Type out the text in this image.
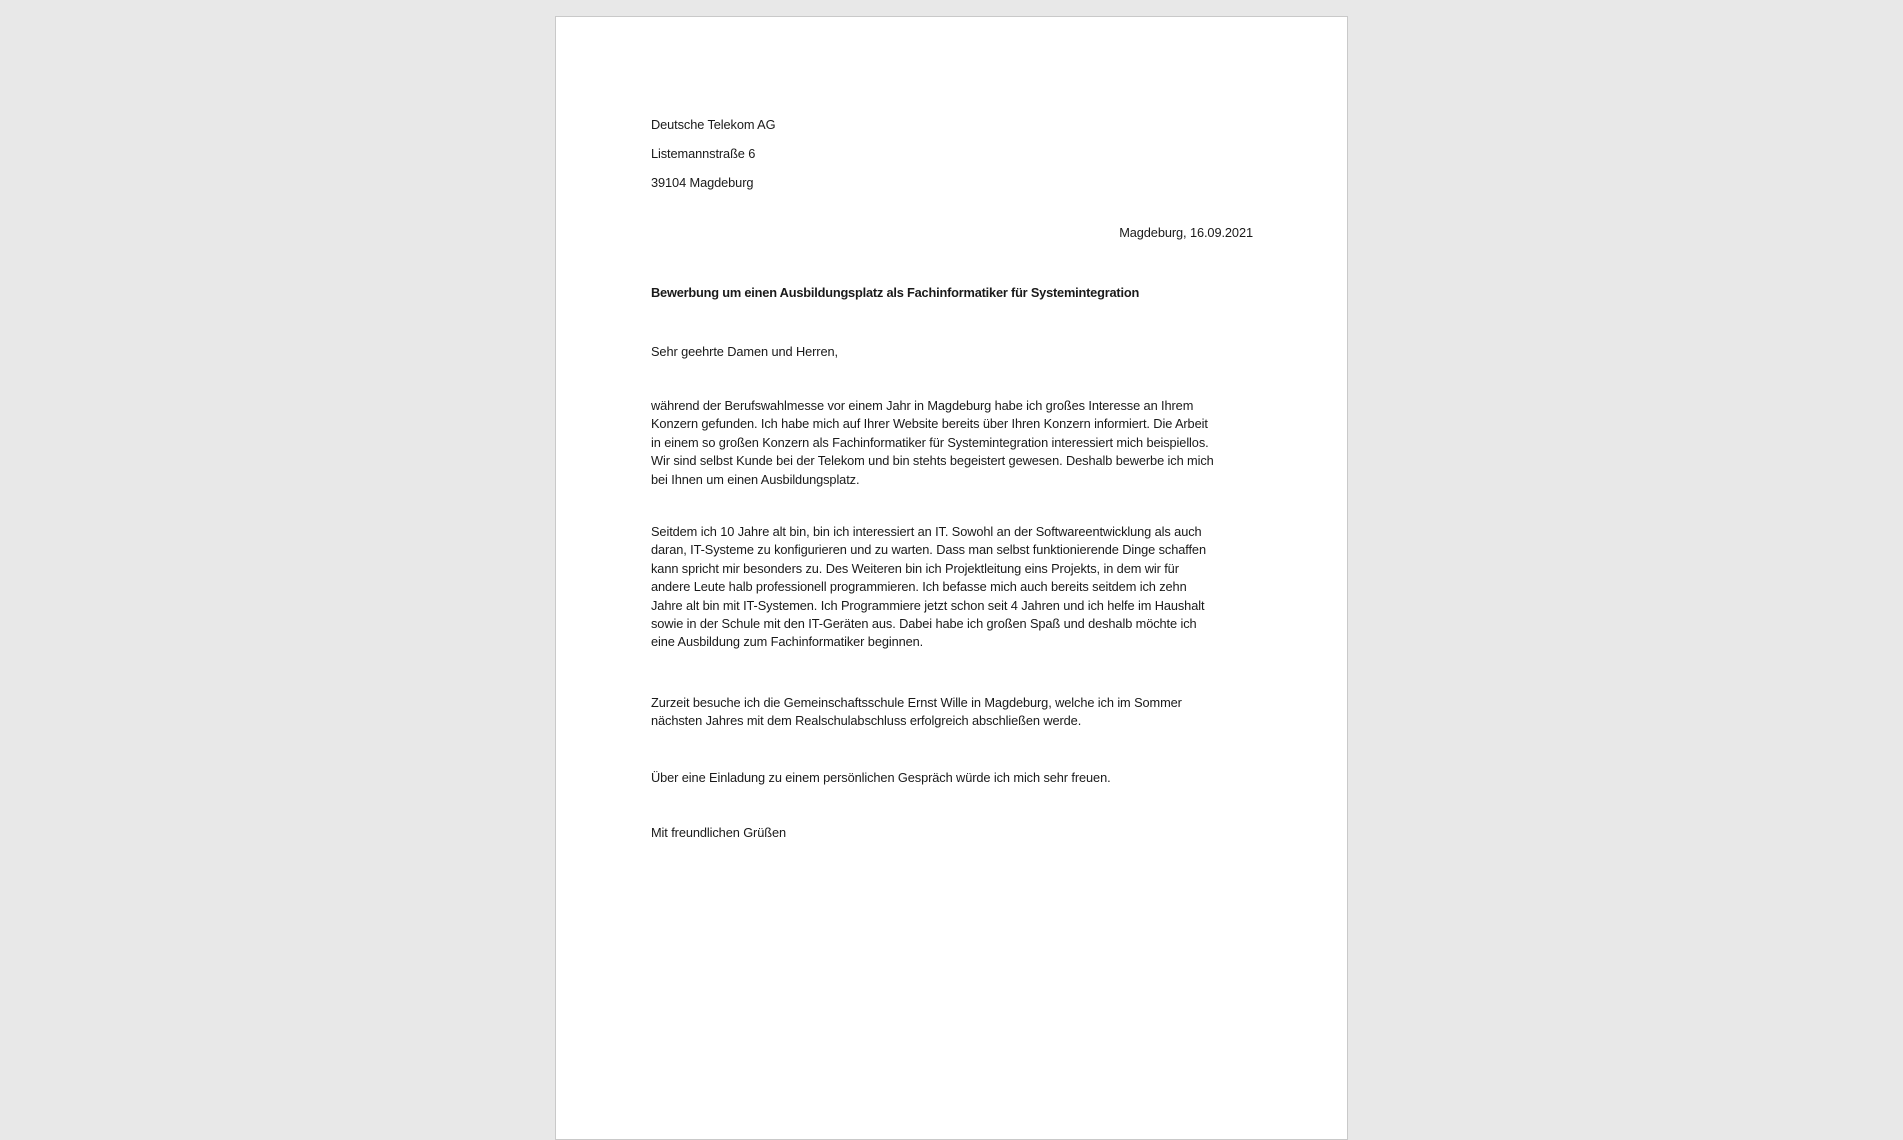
Deutsche Telekom AG
Listemannstraße 6
39104 Magdeburg
Magdeburg, 16.09.2021
Bewerbung um einen Ausbildungsplatz als Fachinformatiker für Systemintegration
Sehr geehrte Damen und Herren,
während der Berufswahlmesse vor einem Jahr in Magdeburg habe ich großes Interesse an Ihrem
Konzern gefunden. Ich habe mich auf Ihrer Website bereits über Ihren Konzern informiert. Die Arbeit
in einem so großen Konzern als Fachinformatiker für Systemintegration interessiert mich beispiellos.
Wir sind selbst Kunde bei der Telekom und bin stehts begeistert gewesen. Deshalb bewerbe ich mich
bei Ihnen um einen Ausbildungsplatz.
Seitdem ich 10 Jahre alt bin, bin ich interessiert an IT. Sowohl an der Softwareentwicklung als auch
daran, IT-Systeme zu konfigurieren und zu warten. Dass man selbst funktionierende Dinge schaffen
kann spricht mir besonders zu. Des Weiteren bin ich Projektleitung eins Projekts, in dem wir für
andere Leute halb professionell programmieren. Ich befasse mich auch bereits seitdem ich zehn
Jahre alt bin mit IT-Systemen. Ich Programmiere jetzt schon seit 4 Jahren und ich helfe im Haushalt
sowie in der Schule mit den IT-Geräten aus. Dabei habe ich großen Spaß und deshalb möchte ich
eine Ausbildung zum Fachinformatiker beginnen.
Zurzeit besuche ich die Gemeinschaftsschule Ernst Wille in Magdeburg, welche ich im Sommer
nächsten Jahres mit dem Realschulabschluss erfolgreich abschließen werde.
Über eine Einladung zu einem persönlichen Gespräch würde ich mich sehr freuen.
Mit freundlichen Grüßen
